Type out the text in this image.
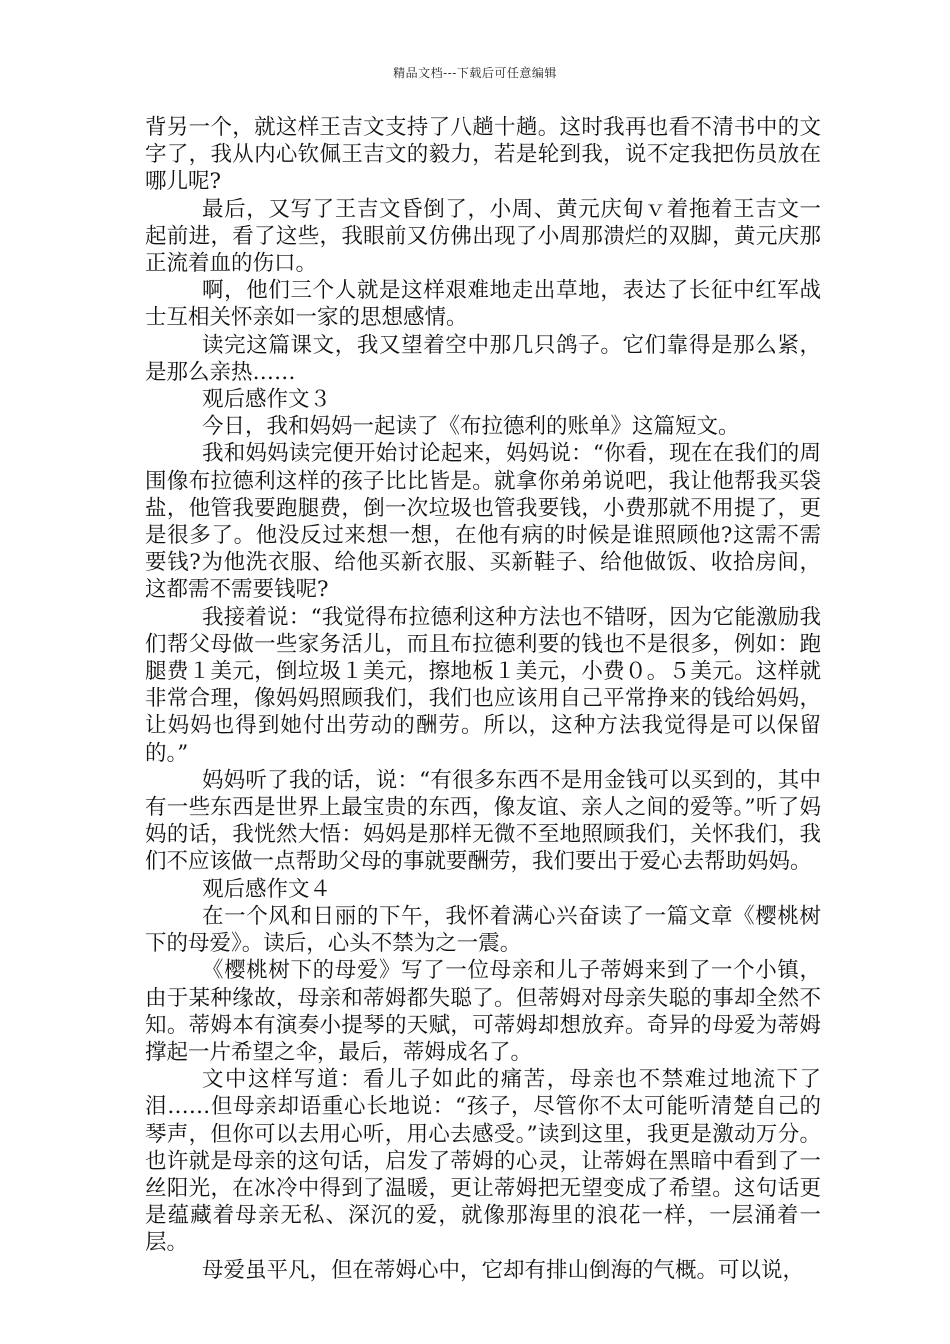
精品文档---下载后可任意编辑

背另一个，就这样王吉文支持了八趟十趟。这时我再也看不清书中的文字了，我从内心钦佩王吉文的毅力，若是轮到我，说不定我把伤员放在哪儿呢?

最后，又写了王吉文昏倒了，小周、黄元庆甸ｖ着拖着王吉文一起前进，看了这些，我眼前又仿佛出现了小周那溃烂的双脚，黄元庆那正流着血的伤口。

啊，他们三个人就是这样艰难地走出草地，表达了长征中红军战士互相关怀亲如一家的思想感情。

读完这篇课文，我又望着空中那几只鸽子。它们靠得是那么紧，是那么亲热……

观后感作文３

今日，我和妈妈一起读了《布拉德利的账单》这篇短文。

我和妈妈读完便开始讨论起来，妈妈说：“你看，现在在我们的周围像布拉德利这样的孩子比比皆是。就拿你弟弟说吧，我让他帮我买袋盐，他管我要跑腿费，倒一次垃圾也管我要钱，小费那就不用提了，更是很多了。他没反过来想一想，在他有病的时候是谁照顾他?这需不需要钱?为他洗衣服、给他买新衣服、买新鞋子、给他做饭、收拾房间，这都需不需要钱呢?

我接着说：“我觉得布拉德利这种方法也不错呀，因为它能激励我们帮父母做一些家务活儿，而且布拉德利要的钱也不是很多，例如：跑腿费１美元，倒垃圾１美元，擦地板１美元，小费０。５美元。这样就非常合理，像妈妈照顾我们，我们也应该用自己平常挣来的钱给妈妈，让妈妈也得到她付出劳动的酬劳。所以，这种方法我觉得是可以保留的。”

妈妈听了我的话，说：“有很多东西不是用金钱可以买到的，其中有一些东西是世界上最宝贵的东西，像友谊、亲人之间的爱等。”听了妈妈的话，我恍然大悟：妈妈是那样无微不至地照顾我们，关怀我们，我们不应该做一点帮助父母的事就要酬劳，我们要出于爱心去帮助妈妈。

观后感作文４

在一个风和日丽的下午，我怀着满心兴奋读了一篇文章《樱桃树下的母爱》。读后，心头不禁为之一震。

《樱桃树下的母爱》写了一位母亲和儿子蒂姆来到了一个小镇，由于某种缘故，母亲和蒂姆都失聪了。但蒂姆对母亲失聪的事却全然不知。蒂姆本有演奏小提琴的天赋，可蒂姆却想放弃。奇异的母爱为蒂姆撑起一片希望之伞，最后，蒂姆成名了。

文中这样写道：看儿子如此的痛苦，母亲也不禁难过地流下了泪……但母亲却语重心长地说：“孩子，尽管你不太可能听清楚自己的琴声，但你可以去用心听，用心去感受。”读到这里，我更是激动万分。也许就是母亲的这句话，启发了蒂姆的心灵，让蒂姆在黑暗中看到了一丝阳光，在冰冷中得到了温暖，更让蒂姆把无望变成了希望。这句话更是蕴藏着母亲无私、深沉的爱，就像那海里的浪花一样，一层涌着一层。

母爱虽平凡，但在蒂姆心中，它却有排山倒海的气概。可以说，
